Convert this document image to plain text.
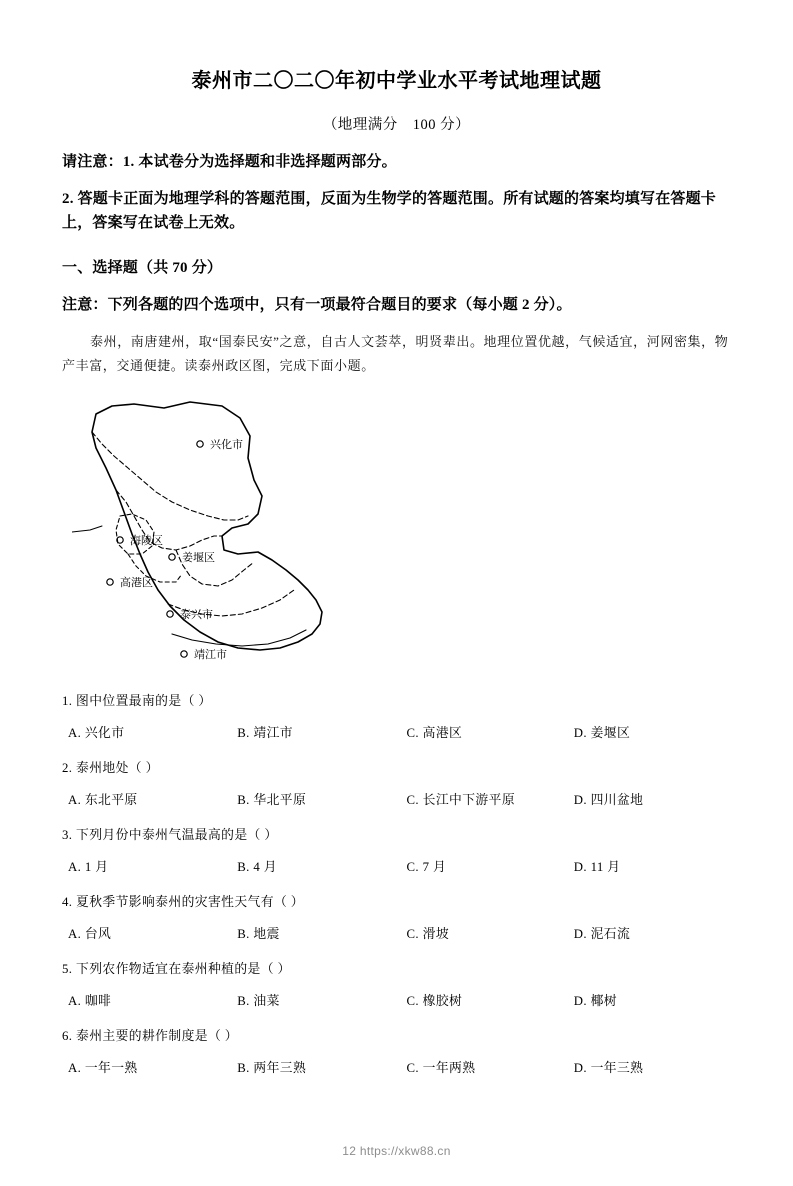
泰州市二〇二〇年初中学业水平考试地理试题
（地理满分　100 分）
请注意：1. 本试卷分为选择题和非选择题两部分。
2. 答题卡正面为地理学科的答题范围，反面为生物学的答题范围。所有试题的答案均填写在答题卡上，答案写在试卷上无效。
一、选择题（共 70 分）
注意：下列各题的四个选项中，只有一项最符合题目的要求（每小题 2 分）。
泰州，南唐建州，取“国泰民安”之意，自古人文荟萃，明贤辈出。地理位置优越，气候适宜，河网密集，物产丰富，交通便捷。读泰州政区图，完成下面小题。
兴化市
海陵区
姜堰区
高港区
泰兴市
靖江市
1. 图中位置最南的是（ ）
A. 兴化市	B. 靖江市	C. 高港区	D. 姜堰区
2. 泰州地处（ ）
A. 东北平原	B. 华北平原	C. 长江中下游平原	D. 四川盆地
3. 下列月份中泰州气温最高的是（ ）
A. 1 月	B. 4 月	C. 7 月	D. 11 月
4. 夏秋季节影响泰州的灾害性天气有（ ）
A. 台风	B. 地震	C. 滑坡	D. 泥石流
5. 下列农作物适宜在泰州种植的是（ ）
A. 咖啡	B. 油菜	C. 橡胶树	D. 椰树
6. 泰州主要的耕作制度是（ ）
A. 一年一熟	B. 两年三熟	C. 一年两熟	D. 一年三熟
12 https://xkw88.cn
